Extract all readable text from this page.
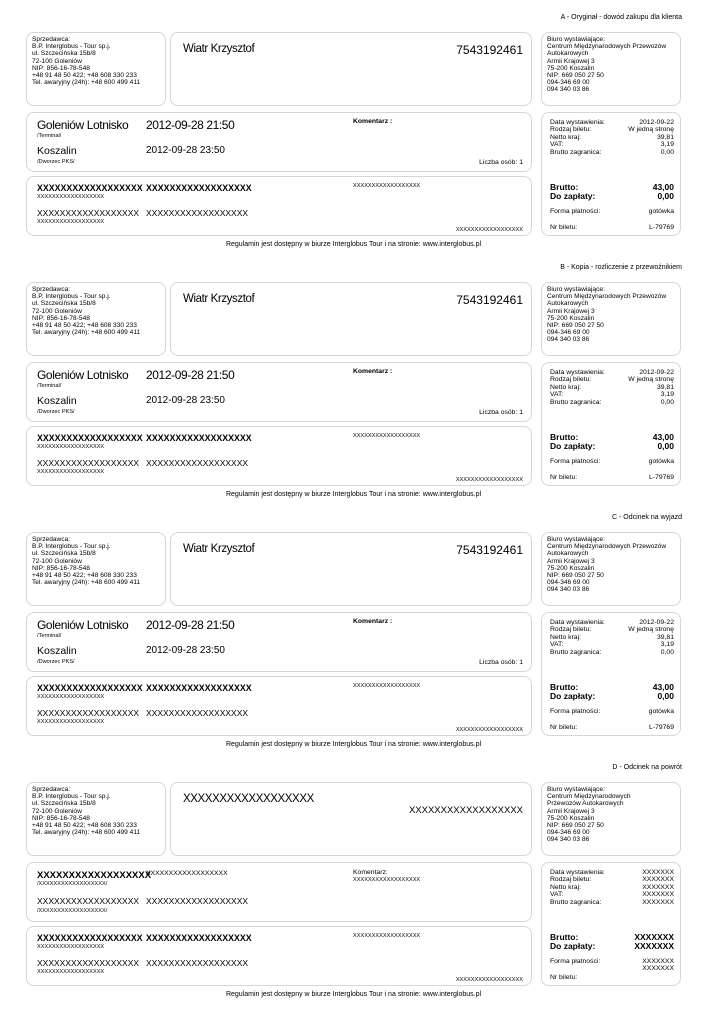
A - Oryginał - dowód zakupu dla klienta
Sprzedawca:
B.P. Interglobus - Tour sp.j.
ul. Szczecińska 15b/8
72-100 Goleniów
NIP: 856-16-78-548
+48 91 48 50 422; +48 608 330 233
Tel. awaryjny (24h): +48 600 499 411
Wiatr Krzysztof	7543192461
Biuro wystawiające:
Centrum Międzynarodowych Przewozów
Autokarowych
Armii Krajowej 3
75-200 Koszalin
NIP: 669 050 27 50
094-346 69 00
094 340 03 86
Goleniów Lotnisko
/Terminal/
2012-09-28 21:50
Koszalin
/Dworzec PKS/
2012-09-28 23:50
Komentarz :
Liczba osób: 1
XXXXXXXXXXXXXXXXXX XXXXXXXXXXXXXXXXXX
XXXXXXXXXXXXXXXXXX
XXXXXXXXXXXXXXXXXX
XXXXXXXXXXXXXXXXXX XXXXXXXXXXXXXXXXXX
XXXXXXXXXXXXXXXXXX
XXXXXXXXXXXXXXXXXX
Data wystawienia:	2012-09-22
Rodzaj biletu:	W jedną stronę
Netto kraj:	39,81
VAT:	3,19
Brutto zagranica:	0,00
Brutto:	43,00
Do zapłaty:	0,00
Forma płatności:	gotówka
Nr biletu:	L-79769
Regulamin jest dostępny w biurze Interglobus Tour i na stronie: www.interglobus.pl
B - Kopia - rozliczenie z przewoźnikiem
Sprzedawca:
B.P. Interglobus - Tour sp.j.
ul. Szczecińska 15b/8
72-100 Goleniów
NIP: 856-16-78-548
+48 91 48 50 422; +48 608 330 233
Tel. awaryjny (24h): +48 600 499 411
Wiatr Krzysztof	7543192461
Biuro wystawiające:
Centrum Międzynarodowych Przewozów
Autokarowych
Armii Krajowej 3
75-200 Koszalin
NIP: 669 050 27 50
094-346 69 00
094 340 03 86
Goleniów Lotnisko
/Terminal/
2012-09-28 21:50
Koszalin
/Dworzec PKS/
2012-09-28 23:50
Komentarz :
Liczba osób: 1
XXXXXXXXXXXXXXXXXX XXXXXXXXXXXXXXXXXX
XXXXXXXXXXXXXXXXXX
XXXXXXXXXXXXXXXXXX
XXXXXXXXXXXXXXXXXX XXXXXXXXXXXXXXXXXX
XXXXXXXXXXXXXXXXXX
XXXXXXXXXXXXXXXXXX
Data wystawienia:	2012-09-22
Rodzaj biletu:	W jedną stronę
Netto kraj:	39,81
VAT:	3,19
Brutto zagranica:	0,00
Brutto:	43,00
Do zapłaty:	0,00
Forma płatności:	gotówka
Nr biletu:	L-79769
Regulamin jest dostępny w biurze Interglobus Tour i na stronie: www.interglobus.pl
C - Odcinek na wyjazd
Sprzedawca:
B.P. Interglobus - Tour sp.j.
ul. Szczecińska 15b/8
72-100 Goleniów
NIP: 856-16-78-548
+48 91 48 50 422; +48 608 330 233
Tel. awaryjny (24h): +48 600 499 411
Wiatr Krzysztof	7543192461
Biuro wystawiające:
Centrum Międzynarodowych Przewozów
Autokarowych
Armii Krajowej 3
75-200 Koszalin
NIP: 669 050 27 50
094-346 69 00
094 340 03 86
Goleniów Lotnisko
/Terminal/
2012-09-28 21:50
Koszalin
/Dworzec PKS/
2012-09-28 23:50
Komentarz :
Liczba osób: 1
XXXXXXXXXXXXXXXXXX XXXXXXXXXXXXXXXXXX
XXXXXXXXXXXXXXXXXX
XXXXXXXXXXXXXXXXXX
XXXXXXXXXXXXXXXXXX XXXXXXXXXXXXXXXXXX
XXXXXXXXXXXXXXXXXX
XXXXXXXXXXXXXXXXXX
Data wystawienia:	2012-09-22
Rodzaj biletu:	W jedną stronę
Netto kraj:	39,81
VAT:	3,19
Brutto zagranica:	0,00
Brutto:	43,00
Do zapłaty:	0,00
Forma płatności:	gotówka
Nr biletu:	L-79769
Regulamin jest dostępny w biurze Interglobus Tour i na stronie: www.interglobus.pl
D - Odcinek na powrót
Sprzedawca:
B.P. Interglobus - Tour sp.j.
ul. Szczecińska 15b/8
72-100 Goleniów
NIP: 856-16-78-548
+48 91 48 50 422; +48 608 330 233
Tel. awaryjny (24h): +48 600 499 411
XXXXXXXXXXXXXXXXXX
XXXXXXXXXXXXXXXXXX
Biuro wystawiające:
Centrum Międzynarodowych
Przewozów Autokarowych
Armii Krajowej 3
75-200 Koszalin
NIP: 669 050 27 50
094-346 69 00
094 340 03 86
XXXXXXXXXXXXXXXXXX
/XXXXXXXXXXXXXXXXXX/
XXXXXXXXXXXXXXXXXX
XXXXXXXXXXXXXXXXXX
/XXXXXXXXXXXXXXXXXX/
XXXXXXXXXXXXXXXXXX
Komentarz:
XXXXXXXXXXXXXXXXXX
XXXXXXXXXXXXXXXXXX XXXXXXXXXXXXXXXXXX
XXXXXXXXXXXXXXXXXX
XXXXXXXXXXXXXXXXXX
XXXXXXXXXXXXXXXXXX XXXXXXXXXXXXXXXXXX
XXXXXXXXXXXXXXXXXX
XXXXXXXXXXXXXXXXXX
Data wystawienia:	XXXXXXX
Rodzaj biletu:	XXXXXXX
Netto kraj:	XXXXXXX
VAT:	XXXXXXX
Brutto zagranica:	XXXXXXX
Brutto:	XXXXXXX
Do zapłaty:	XXXXXXX
Forma płatności:	XXXXXXX XXXXXXX
Nr biletu:
Regulamin jest dostępny w biurze Interglobus Tour i na stronie: www.interglobus.pl
